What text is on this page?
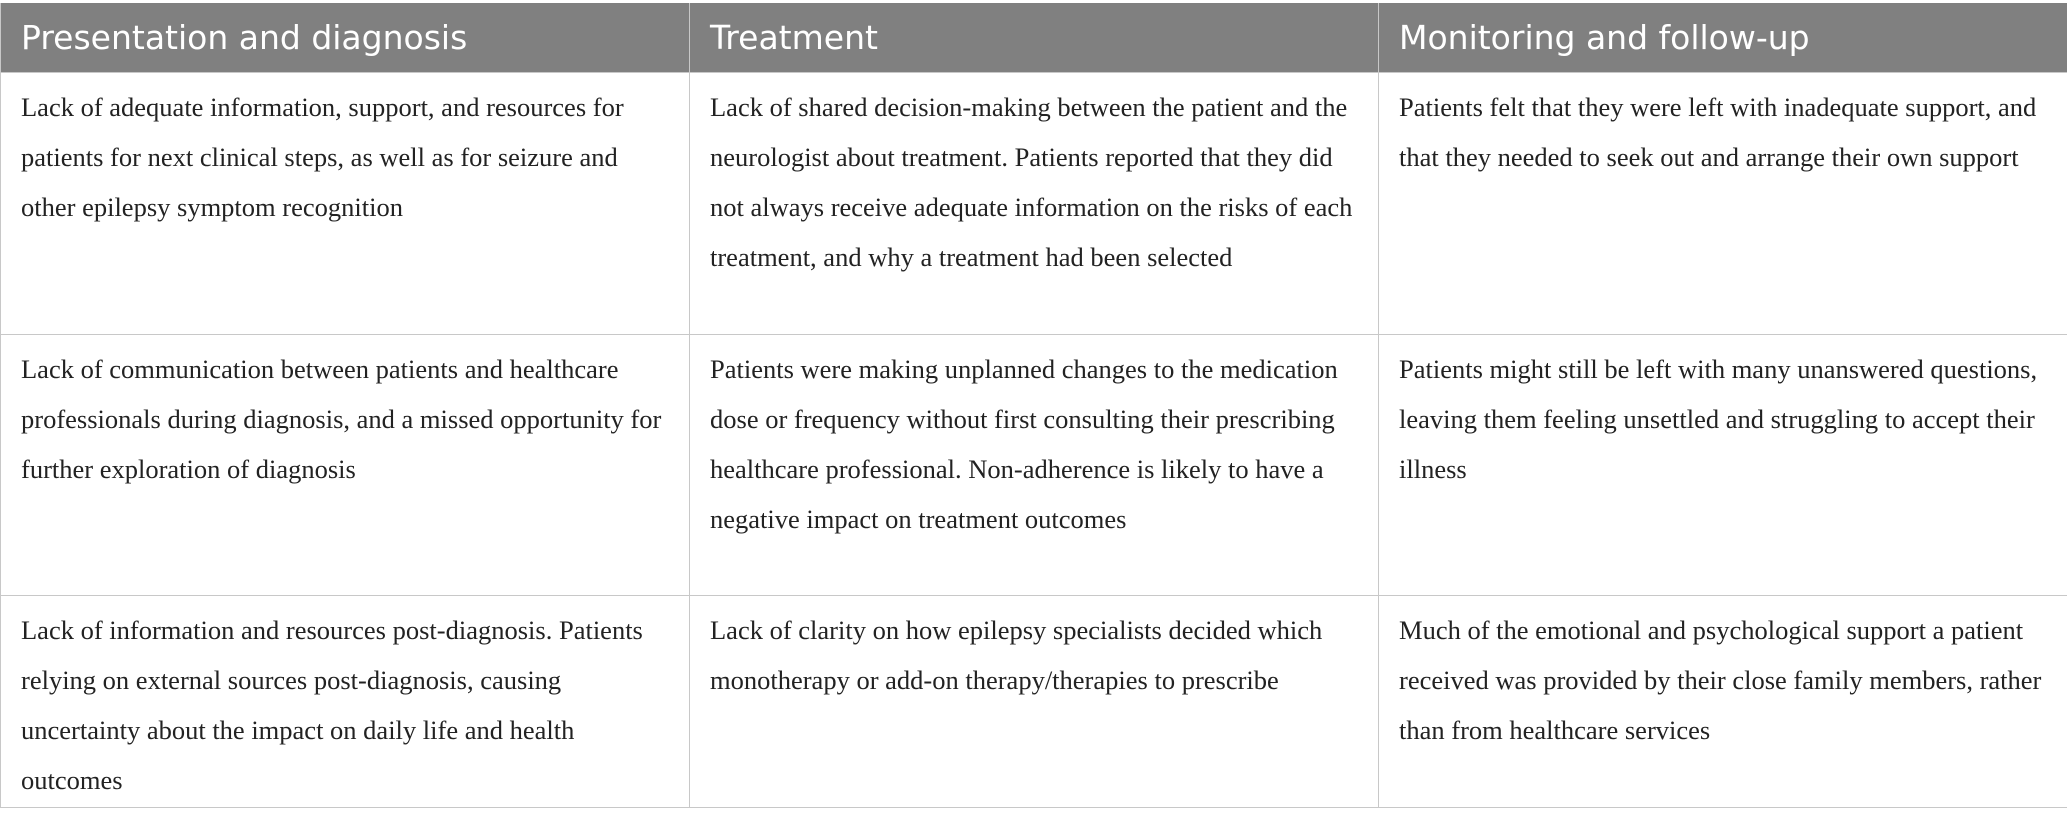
Presentation and diagnosis	Treatment	Monitoring and follow-up
Lack of adequate information, support, and resources for patients for next clinical steps, as well as for seizure and other epilepsy symptom recognition	Lack of shared decision-making between the patient and the neurologist about treatment. Patients reported that they did not always receive adequate information on the risks of each treatment, and why a treatment had been selected	Patients felt that they were left with inadequate support, and that they needed to seek out and arrange their own support
Lack of communication between patients and healthcare professionals during diagnosis, and a missed opportunity for further exploration of diagnosis	Patients were making unplanned changes to the medication dose or frequency without first consulting their prescribing healthcare professional. Non-adherence is likely to have a negative impact on treatment outcomes	Patients might still be left with many unanswered questions, leaving them feeling unsettled and struggling to accept their illness
Lack of information and resources post-diagnosis. Patients relying on external sources post-diagnosis, causing uncertainty about the impact on daily life and health outcomes	Lack of clarity on how epilepsy specialists decided which monotherapy or add-on therapy/therapies to prescribe	Much of the emotional and psychological support a patient received was provided by their close family members, rather than from healthcare services
